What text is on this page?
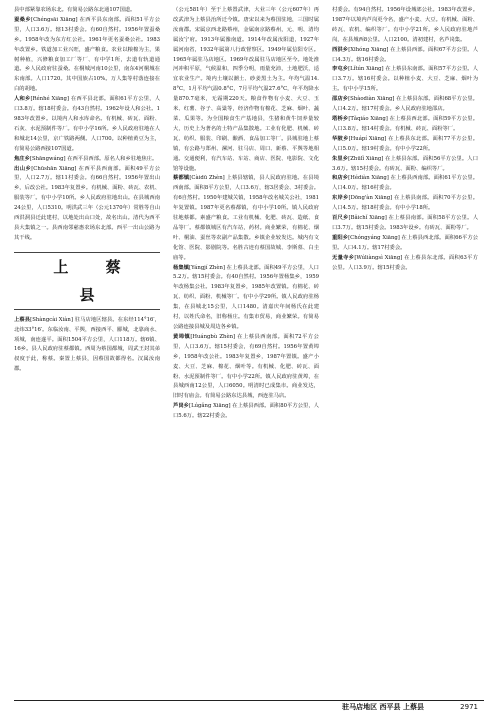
县中部紧靠农场东北。有简易公路东北通107国道。

蚕桑乡[Chéngsāi Xiāng] 在西平县东南部。面积51平方公里，人口3.6万。辖13村委会。有60自然村。1956年置蚕桑乡。1958年改为东方红公社。1961年更名蚕桑公社。1983年改置乡。铁道加工业兴旺，盛产粮食。农业以粮棉为主，果树种植，兴修粮食加工厂等厂、有中学1所，去道有轨道通道。乡人民政府驻蚕桑。在桐城河南10公里，南东4河桐城在东南部。人口1720。其中国族占10%。万人集等村落连接在白的胡地。

人和乡[Rénhé Xiāng] 在西平县北部。面积61平方公里，人口3.8万。辖18村委会。有43自然村。1962年设人和公社。1983年改置乡。以境内人和水库命名。有机械、砖瓦、面粉、石灰、水泥预制件等厂。有中小学16所。乡人民政府驻地在人和城北14公里，京广铁路两侧。人口700。以种植黄豆为主，有简易公路西接107国道。

焦庄乡[Shāngwáng] 在西平县西部。原名人和乡驻地焦庄。

出山乡[Chūshān Xiāng] 在西平县西南部。面积49平方公里，人口2.7万。辖11村委会。有66自然村。1956年置出山乡，后改公社。1983年复置乡。有机械、面粉、砖瓦、农机、服装等厂。有中小学10所。乡人民政府驻地出山。在县城西南24公里，人口5310。明洪武三年（公元1370年）常胜等自山西洪洞县迁此建村，以地处出山口处，故名出山。清代为西平县大集镇之一。县西南邻慈惠农场东北部。西平一出山公路为其干线。

上 蔡 县

上蔡县[Shàngcài Xiàn] 驻马店地区辖县。在东经114°16′，北纬33°16′。东临汝南、平舆，西接西平、郾城，北靠商水、项城，南连遂平。面积1504平方公里，人口118万。辖6镇、16乡。县人民政府驻蔡都镇。西周为蔡国都城，周武王封其弟叔度于此，称蔡。秦置上蔡县，因蔡国故都得名。汉属汝南郡。

（公元581年）至于上蔡置武津，大业三年（公元607年）再改武津为上蔡县治所迁今镇。唐宋以来为蔡国驻地，三国时属汝南郡。宋属京西北路蔡州，金属南京路蔡州，元、明、清均属汝宁府。1913年属豫南道。1914年改属汝阳道，1927年属河南省，1932年属第八行政督察区。1949年属信阳专区。1965年属驻马店地区。1969年改属驻马店地区至今。地处淮河冲积平原，气候温和，四季分明，雨量充沛，土地肥沃，适宜农业生产。境内土壤以潮土、砂姜黑土为主。年均气温14.8°C，1月平均气温0.8°C，7月平均气温27.6°C，年平均降水量870.7毫米，无霜期220天。粮食作物有小麦、大豆、玉米、红薯、谷子、高粱等，经济作物有棉花、芝麻、烟叶、蔬菜、瓜果等。为全国粮食生产基地县，生猪和黄牛饲养量较大，历史上为著名的土特产品集散地。工业有化肥、机械、砖瓦、纺织、服装、印刷、酿酒、食品加工等厂。县城驻地上蔡镇，有公路与郑州、漯河、驻马店、周口、新蔡、平舆等地相通。交通便利，有汽车站、车站、商店、医院、电影院、文化馆等设施。

蔡都镇[Càidū Zhèn] 上蔡县辖镇，县人民政府驻地。在县境西南部。面积8平方公里，人口3.6万，辖3居委会、3村委会。有6自然村。1950年建城关镇，1958年改名城关公社，1981年复置镇。1987年更名蔡都镇，有中小学10所。镇人民政府驻地蔡都。素盛产粮食。工业有机械、化肥、砖瓦、造纸、食品等厂。蔡都镇城区有汽车站，药材。商业繁荣，有棉花、烟叶、桐油、蚕丝等农副产品集散。乡镇企业较发达。城内有文化馆、医院、影剧院等。名胜古迹有蔡国故城、李斯墓、白圭庙等。

杨集镇[Yángjí Zhèn] 在上蔡县北部。面积49平方公里，人口5.2万。辖15村委会。有40自然村。1956年置杨集乡，1959年改杨集公社。1983年复置乡，1985年改置镇。有棉花、砖瓦、纺织、面粉、机械等厂。有中小学29所。镇人民政府驻杨集，在县城北15公里，人口1480。清嘉庆年间杨氏在此建村，以姓氏命名，旧称杨庄。有集市贸易，商业繁荣。有简易公路连接县城及周边各乡镇。

黄埠镇[Huángbù Zhèn] 在上蔡县西南部。面积72平方公里，人口3.6万。辖15村委会，有69自然村。1956年置黄埠乡，1958年改公社。1983年复置乡，1987年置镇。盛产小麦、大豆、芝麻、棉花、烟叶等。有机械、化肥、砖瓦、面粉、水泥预制件等厂。有中小学22所。镇人民政府驻黄埠，在县城西南12公里，人口6050。明清时已成集市。商业发达，旧时有庙会。有简易公路东达县城，西连驻马店。

芦岗乡[Lúgǎng Xiāng] 在上蔡县西部。面积80平方公里，人口5.6万。辖22村委会。

村委会。有94自然村。1956年设城郊公社。1983年改置乡。1987年以境内芦岗更今名，盛产小麦、大豆。有机械、面粉、砖瓦、农机、编织等厂。有中小学21所。乡人民政府驻地芦岗，在县城西8公里。人口2100。清初建村，名芦岗集。

西洪乡[Xīhóng Xiāng] 在上蔡县西部。面积67平方公里。人口4.3万。辖16村委会。

李屯乡[Lǐtún Xiāng] 在上蔡县东南部。面积57平方公里。人口3.7万。辖16村委会。以种植小麦、大豆、芝麻、烟叶为主。有中小学15所。

邵店乡[Shàodiàn Xiāng] 在上蔡县东部。面积68平方公里。人口4.2万。辖17村委会。乡人民政府驻地邵店。

塔桥乡[Tǎqiáo Xiāng] 在上蔡县西北部。面积59平方公里。人口3.8万。辖14村委会。有机械、砖瓦、面粉等厂。

华陂乡[Huápí Xiāng] 在上蔡县东北部。面积77平方公里。人口5.0万。辖19村委会。有中小学22所。

朱里乡[Zhūlǐ Xiāng] 在上蔡县东部。面积56平方公里。人口3.6万。辖15村委会。有砖瓦、面粉、编织等厂。

和店乡[Hédiàn Xiāng] 在上蔡县西南部。面积61平方公里。人口4.0万。辖16村委会。

东岸乡[Dōng'àn Xiāng] 在上蔡县南部。面积70平方公里。人口4.5万。辖18村委会。有中小学18所。

百尺乡[Bǎichǐ Xiāng] 在上蔡县南部。面积58平方公里。人口3.7万。辖15村委会。1983年设乡。有砖瓦、面粉等厂。

重阳乡[Chóngyáng Xiāng] 在上蔡县西北部。面积66平方公里。人口4.1万。辖17村委会。

无量寺乡[Wúliàngsì Xiāng] 在上蔡县东北部。面积63平方公里。人口3.9万。辖15村委会。

驻马店地区 西平县 上蔡县	2971
